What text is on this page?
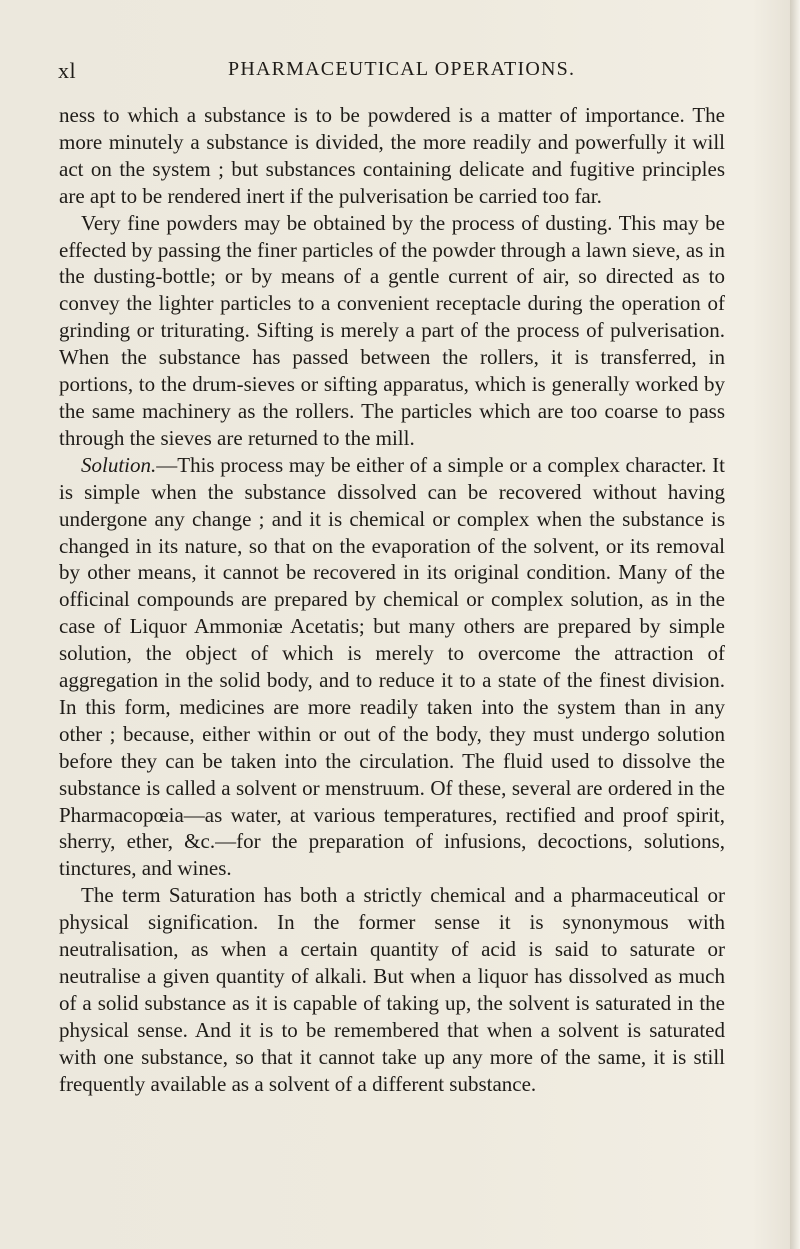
xl	PHARMACEUTICAL OPERATIONS.

ness to which a substance is to be powdered is a matter of importance. The more minutely a substance is divided, the more readily and powerfully it will act on the system ; but substances containing delicate and fugitive principles are apt to be rendered inert if the pulverisation be carried too far.

Very fine powders may be obtained by the process of dusting. This may be effected by passing the finer particles of the powder through a lawn sieve, as in the dusting-bottle; or by means of a gentle current of air, so directed as to convey the lighter particles to a convenient receptacle during the operation of grinding or triturating. Sifting is merely a part of the process of pulverisation. When the substance has passed between the rollers, it is transferred, in portions, to the drum-sieves or sifting apparatus, which is generally worked by the same machinery as the rollers. The particles which are too coarse to pass through the sieves are returned to the mill.

Solution.—This process may be either of a simple or a complex character. It is simple when the substance dissolved can be recovered without having undergone any change ; and it is chemical or complex when the substance is changed in its nature, so that on the evaporation of the solvent, or its removal by other means, it cannot be recovered in its original condition. Many of the officinal compounds are prepared by chemical or complex solution, as in the case of Liquor Ammoniæ Acetatis; but many others are prepared by simple solution, the object of which is merely to overcome the attraction of aggregation in the solid body, and to reduce it to a state of the finest division. In this form, medicines are more readily taken into the system than in any other ; because, either within or out of the body, they must undergo solution before they can be taken into the circulation. The fluid used to dissolve the substance is called a solvent or menstruum. Of these, several are ordered in the Pharmacopœia—as water, at various temperatures, rectified and proof spirit, sherry, ether, &c.—for the preparation of infusions, decoctions, solutions, tinctures, and wines.

The term Saturation has both a strictly chemical and a pharmaceutical or physical signification. In the former sense it is synonymous with neutralisation, as when a certain quantity of acid is said to saturate or neutralise a given quantity of alkali. But when a liquor has dissolved as much of a solid substance as it is capable of taking up, the solvent is saturated in the physical sense. And it is to be remembered that when a solvent is saturated with one substance, so that it cannot take up any more of the same, it is still frequently available as a solvent of a different substance.
